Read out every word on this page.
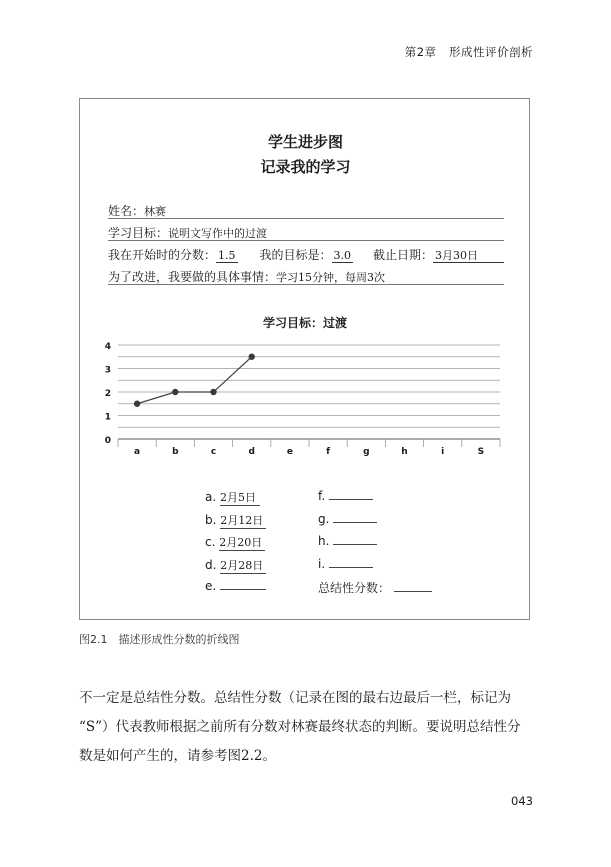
第2章 形成性评价剖析
学生进步图
记录我的学习
姓名：林赛
学习目标：说明文写作中的过渡
我在开始时的分数： 1.5 我的目标是： 3.0 截止日期： 3月30日
为了改进，我要做的具体事情：学习15分钟，每周3次
学习目标：过渡
0
1
2
3
4
a	b	c	d	e	f	g	h	i	S
a. 2月5日
b. 2月12日
c. 2月20日
d. 2月28日
e.
f.
g.
h.
i.
总结性分数：
图2.1　描述形成性分数的折线图
不一定是总结性分数。总结性分数（记录在图的最右边最后一栏，标记为
“S”）代表教师根据之前所有分数对林赛最终状态的判断。要说明总结性分
数是如何产生的，请参考图2.2。
043
